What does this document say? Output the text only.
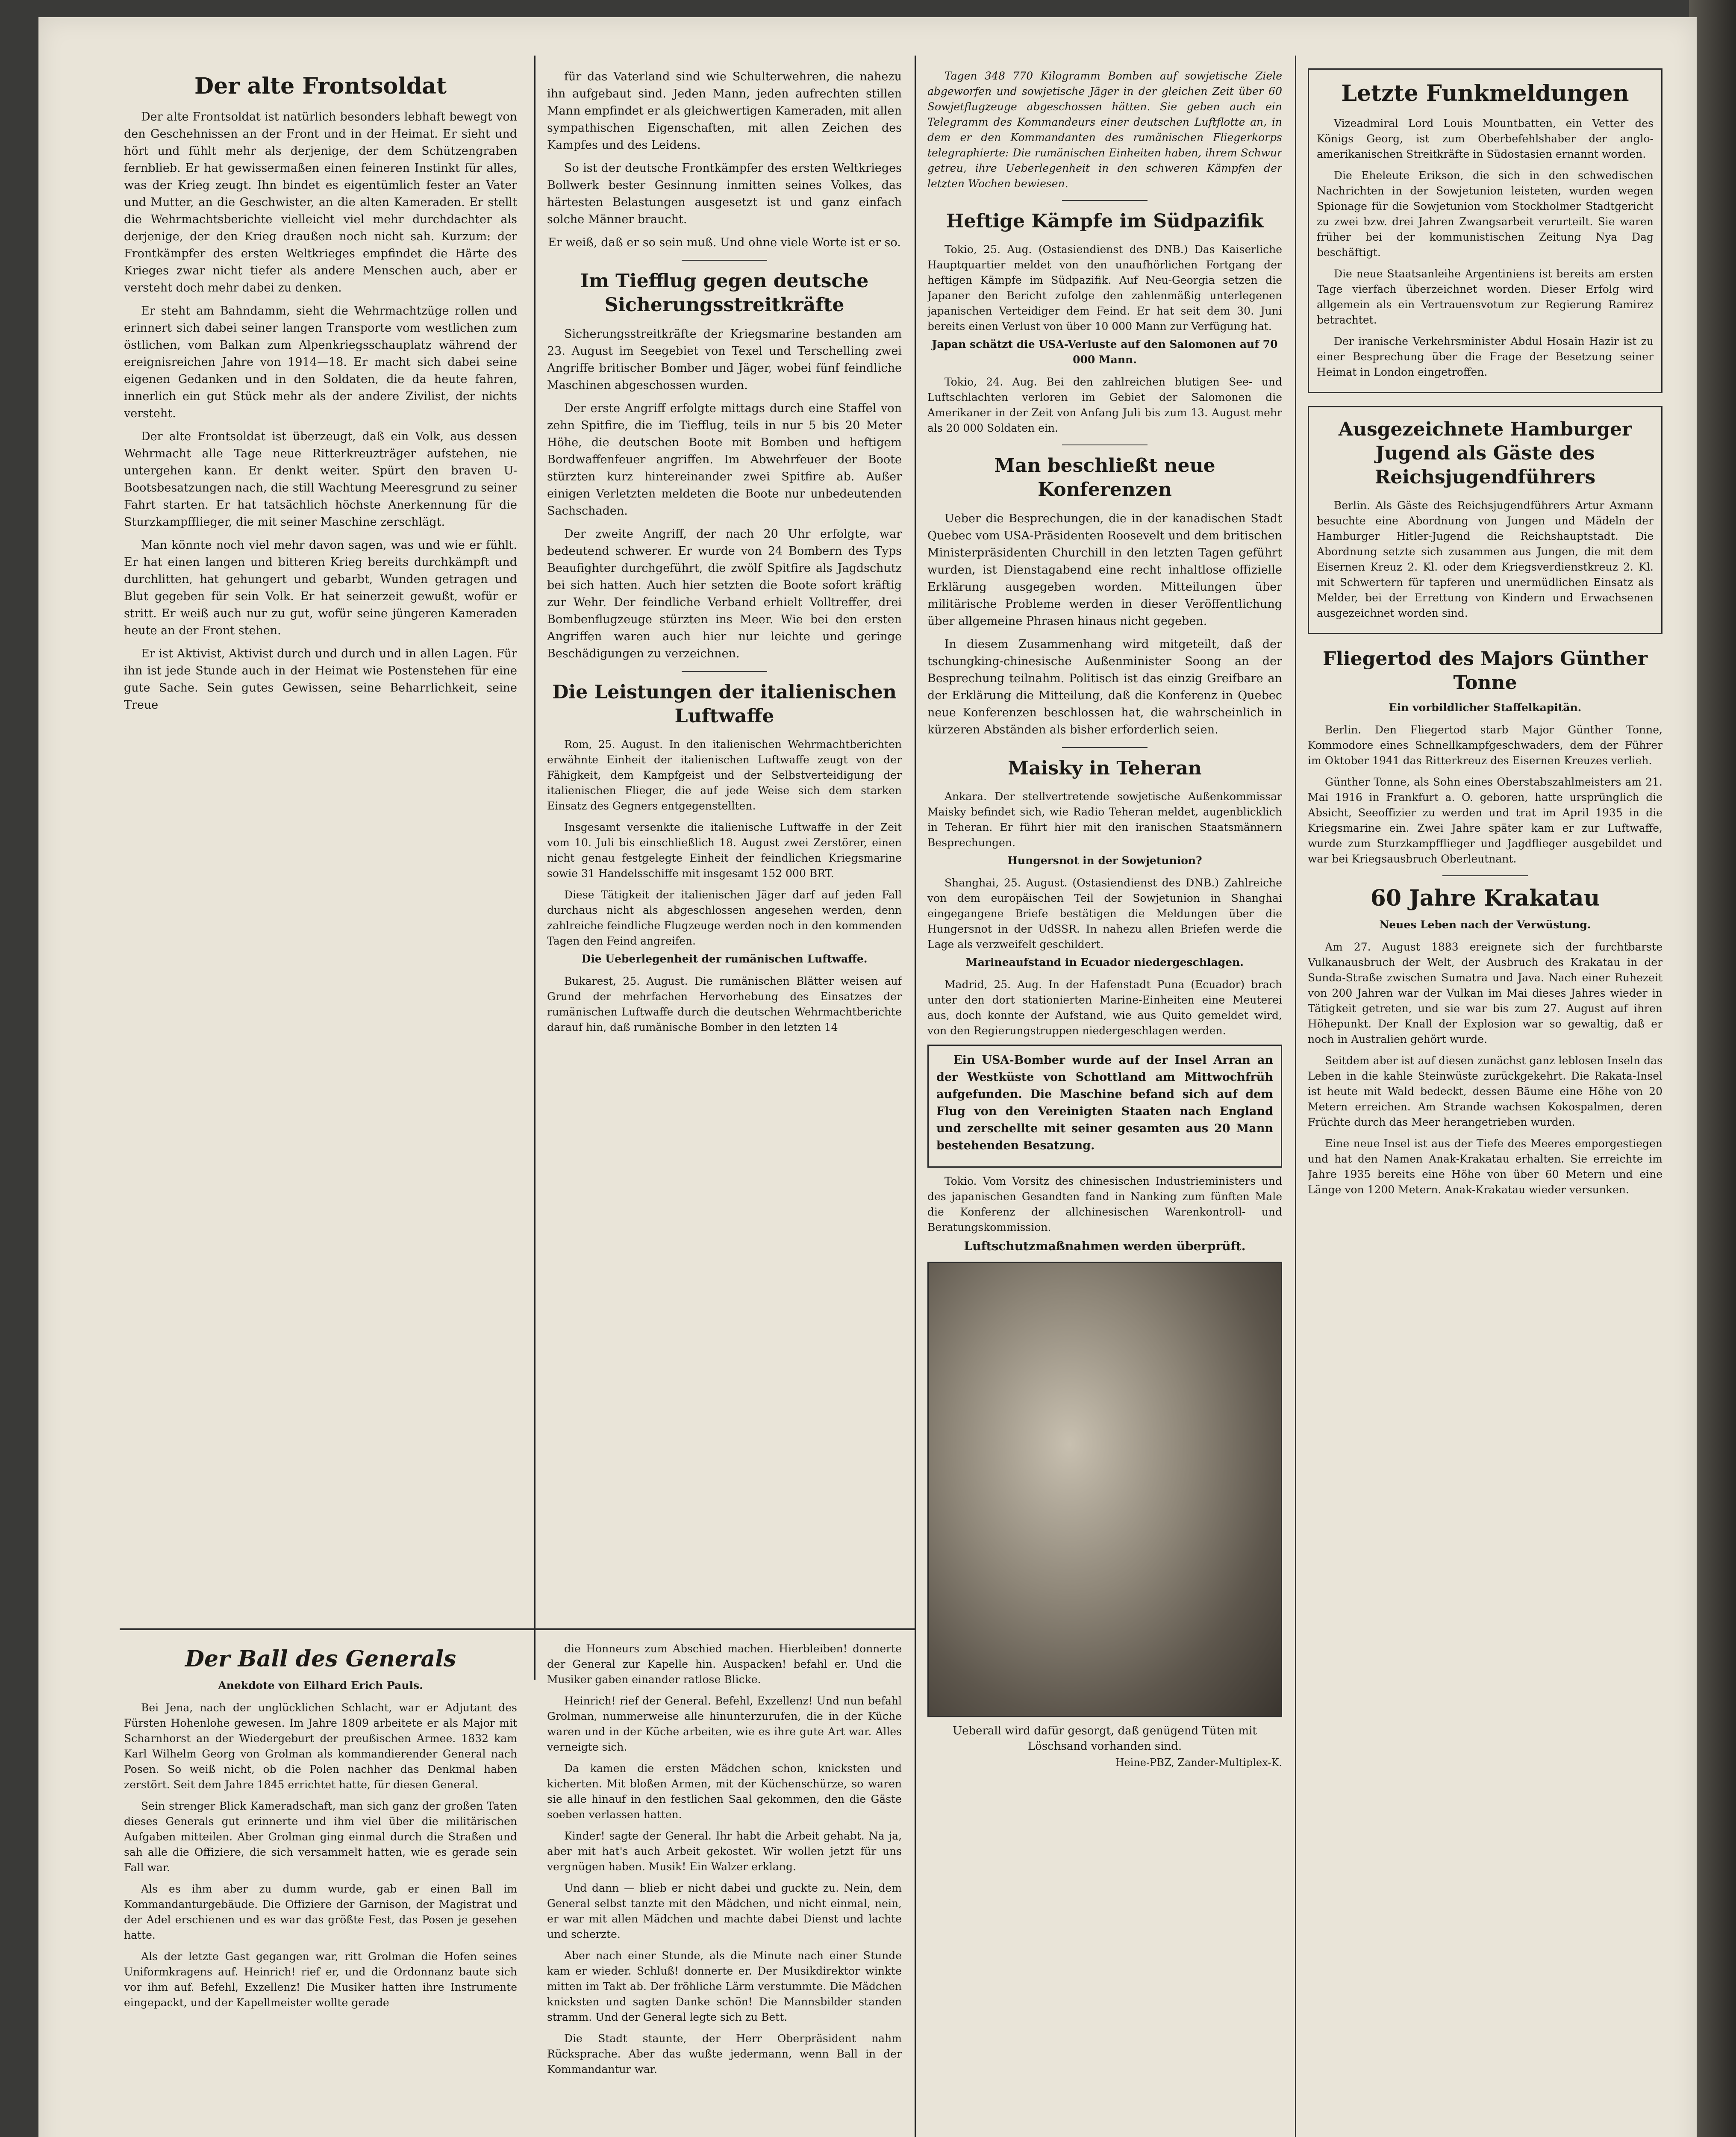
Der alte Frontsoldat

Der alte Frontsoldat ist natürlich besonders lebhaft bewegt von den Geschehnissen an der Front und in der Heimat. Er sieht und hört und fühlt mehr als derjenige, der dem Schützengraben fernblieb. Er hat gewissermaßen einen feineren Instinkt für alles, was der Krieg zeugt. Ihn bindet es eigentümlich fester an Vater und Mutter, an die Geschwister, an die alten Kameraden. Er stellt die Wehrmachtsberichte vielleicht viel mehr durchdachter als derjenige, der den Krieg draußen noch nicht sah. Kurzum: der Frontkämpfer des ersten Weltkrieges empfindet die Härte des Krieges zwar nicht tiefer als andere Menschen auch, aber er versteht doch mehr dabei zu denken.

Er steht am Bahndamm, sieht die Wehrmachtzüge rollen und erinnert sich dabei seiner langen Transporte vom westlichen zum östlichen, vom Balkan zum Alpenkriegsschauplatz während der ereignisreichen Jahre von 1914—18. Er macht sich dabei seine eigenen Gedanken und in den Soldaten, die da heute fahren, innerlich ein gut Stück mehr als der andere Zivilist, der nichts versteht.

Der alte Frontsoldat ist überzeugt, daß ein Volk, aus dessen Wehrmacht alle Tage neue Ritterkreuzträger aufstehen, nie untergehen kann. Er denkt weiter. Spürt den braven U-Bootsbesatzungen nach, die still Wachtung Meeresgrund zu seiner Fahrt starten. Er hat tatsächlich höchste Anerkennung für die Sturzkampfflieger, die mit seiner Maschine zerschlägt.

Man könnte noch viel mehr davon sagen, was und wie er fühlt. Er hat einen langen und bitteren Krieg bereits durchkämpft und durchlitten, hat gehungert und gebarbt, Wunden getragen und Blut gegeben für sein Volk. Er hat seinerzeit gewußt, wofür er stritt. Er weiß auch nur zu gut, wofür seine jüngeren Kameraden heute an der Front stehen.

Er ist Aktivist, Aktivist durch und durch und in allen Lagen. Für ihn ist jede Stunde auch in der Heimat wie Postenstehen für eine gute Sache. Sein gutes Gewissen, seine Beharrlichkeit, seine Treue

für das Vaterland sind wie Schulterwehren, die nahezu ihn aufgebaut sind. Jeden Mann, jeden aufrechten stillen Mann empfindet er als gleichwertigen Kameraden, mit allen sympathischen Eigenschaften, mit allen Zeichen des Kampfes und des Leidens.

So ist der deutsche Frontkämpfer des ersten Weltkrieges Bollwerk bester Gesinnung inmitten seines Volkes, das härtesten Belastungen ausgesetzt ist und ganz einfach solche Männer braucht.

Er weiß, daß er so sein muß. Und ohne viele Worte ist er so.

Im Tiefflug gegen deutsche Sicherungsstreitkräfte

Sicherungsstreitkräfte der Kriegsmarine bestanden am 23. August im Seegebiet von Texel und Terschelling zwei Angriffe britischer Bomber und Jäger, wobei fünf feindliche Maschinen abgeschossen wurden.

Der erste Angriff erfolgte mittags durch eine Staffel von zehn Spitfire, die im Tiefflug, teils in nur 5 bis 20 Meter Höhe, die deutschen Boote mit Bomben und heftigem Bordwaffenfeuer angriffen. Im Abwehrfeuer der Boote stürzten kurz hintereinander zwei Spitfire ab. Außer einigen Verletzten meldeten die Boote nur unbedeutenden Sachschaden.

Der zweite Angriff, der nach 20 Uhr erfolgte, war bedeutend schwerer. Er wurde von 24 Bombern des Typs Beaufighter durchgeführt, die zwölf Spitfire als Jagdschutz bei sich hatten. Auch hier setzten die Boote sofort kräftig zur Wehr. Der feindliche Verband erhielt Volltreffer, drei Bombenflugzeuge stürzten ins Meer. Wie bei den ersten Angriffen waren auch hier nur leichte und geringe Beschädigungen zu verzeichnen.

Die Leistungen der italienischen Luftwaffe

Rom, 25. August. In den italienischen Wehrmachtberichten erwähnte Einheit der italienischen Luftwaffe zeugt von der Fähigkeit, dem Kampfgeist und der Selbstverteidigung der italienischen Flieger, die auf jede Weise sich dem starken Einsatz des Gegners entgegenstellten.

Insgesamt versenkte die italienische Luftwaffe in der Zeit vom 10. Juli bis einschließlich 18. August zwei Zerstörer, einen nicht genau festgelegte Einheit der feindlichen Kriegsmarine sowie 31 Handelsschiffe mit insgesamt 152 000 BRT.

Diese Tätigkeit der italienischen Jäger darf auf jeden Fall durchaus nicht als abgeschlossen angesehen werden, denn zahlreiche feindliche Flugzeuge werden noch in den kommenden Tagen den Feind angreifen.

Die Ueberlegenheit der rumänischen Luftwaffe.

Bukarest, 25. August. Die rumänischen Blätter weisen auf Grund der mehrfachen Hervorhebung des Einsatzes der rumänischen Luftwaffe durch die deutschen Wehrmachtberichte darauf hin, daß rumänische Bomber in den letzten 14

Tagen 348 770 Kilogramm Bomben auf sowjetische Ziele abgeworfen und sowjetische Jäger in der gleichen Zeit über 60 Sowjetflugzeuge abgeschossen hätten. Sie geben auch ein Telegramm des Kommandeurs einer deutschen Luftflotte an, in dem er den Kommandanten des rumänischen Fliegerkorps telegraphierte: Die rumänischen Einheiten haben, ihrem Schwur getreu, ihre Ueberlegenheit in den schweren Kämpfen der letzten Wochen bewiesen.

Heftige Kämpfe im Südpazifik

Tokio, 25. Aug. (Ostasiendienst des DNB.) Das Kaiserliche Hauptquartier meldet von den unaufhörlichen Fortgang der heftigen Kämpfe im Südpazifik. Auf Neu-Georgia setzen die Japaner den Bericht zufolge den zahlenmäßig unterlegenen japanischen Verteidiger dem Feind. Er hat seit dem 30. Juni bereits einen Verlust von über 10 000 Mann zur Verfügung hat.

Japan schätzt die USA-Verluste auf den Salomonen auf 70 000 Mann.

Tokio, 24. Aug. Bei den zahlreichen blutigen See- und Luftschlachten verloren im Gebiet der Salomonen die Amerikaner in der Zeit von Anfang Juli bis zum 13. August mehr als 20 000 Soldaten ein.

Man beschließt neue Konferenzen

Ueber die Besprechungen, die in der kanadischen Stadt Quebec vom USA-Präsidenten Roosevelt und dem britischen Ministerpräsidenten Churchill in den letzten Tagen geführt wurden, ist Dienstagabend eine recht inhaltlose offizielle Erklärung ausgegeben worden. Mitteilungen über militärische Probleme werden in dieser Veröffentlichung über allgemeine Phrasen hinaus nicht gegeben.

In diesem Zusammenhang wird mitgeteilt, daß der tschungking-chinesische Außenminister Soong an der Besprechung teilnahm. Politisch ist das einzig Greifbare an der Erklärung die Mitteilung, daß die Konferenz in Quebec neue Konferenzen beschlossen hat, die wahrscheinlich in kürzeren Abständen als bisher erforderlich seien.

Maisky in Teheran

Ankara. Der stellvertretende sowjetische Außenkommissar Maisky befindet sich, wie Radio Teheran meldet, augenblicklich in Teheran. Er führt hier mit den iranischen Staatsmännern Besprechungen.

Hungersnot in der Sowjetunion?

Shanghai, 25. August. (Ostasiendienst des DNB.) Zahlreiche von dem europäischen Teil der Sowjetunion in Shanghai eingegangene Briefe bestätigen die Meldungen über die Hungersnot in der UdSSR. In nahezu allen Briefen werde die Lage als verzweifelt geschildert.

Marineaufstand in Ecuador niedergeschlagen.

Madrid, 25. Aug. In der Hafenstadt Puna (Ecuador) brach unter den dort stationierten Marine-Einheiten eine Meuterei aus, doch konnte der Aufstand, wie aus Quito gemeldet wird, von den Regierungstruppen niedergeschlagen werden.

Ein USA-Bomber wurde auf der Insel Arran an der Westküste von Schottland am Mittwochfrüh aufgefunden. Die Maschine befand sich auf dem Flug von den Vereinigten Staaten nach England und zerschellte mit seiner gesamten aus 20 Mann bestehenden Besatzung.

Tokio. Vom Vorsitz des chinesischen Industrieministers und des japanischen Gesandten fand in Nanking zum fünften Male die Konferenz der allchinesischen Warenkontroll- und Beratungskommission.

Luftschutzmaßnahmen werden überprüft.
Ueberall wird dafür gesorgt, daß genügend Tüten mit Löschsand vorhanden sind.
Heine-PBZ, Zander-Multiplex-K.
Letzte Funkmeldungen

Vizeadmiral Lord Louis Mountbatten, ein Vetter des Königs Georg, ist zum Oberbefehlshaber der anglo-amerikanischen Streitkräfte in Südostasien ernannt worden.

Die Eheleute Erikson, die sich in den schwedischen Nachrichten in der Sowjetunion leisteten, wurden wegen Spionage für die Sowjetunion vom Stockholmer Stadtgericht zu zwei bzw. drei Jahren Zwangsarbeit verurteilt. Sie waren früher bei der kommunistischen Zeitung Nya Dag beschäftigt.

Die neue Staatsanleihe Argentiniens ist bereits am ersten Tage vierfach überzeichnet worden. Dieser Erfolg wird allgemein als ein Vertrauensvotum zur Regierung Ramirez betrachtet.

Der iranische Verkehrsminister Abdul Hosain Hazir ist zu einer Besprechung über die Frage der Besetzung seiner Heimat in London eingetroffen.

Ausgezeichnete Hamburger Jugend als Gäste des Reichsjugendführers

Berlin. Als Gäste des Reichsjugendführers Artur Axmann besuchte eine Abordnung von Jungen und Mädeln der Hamburger Hitler-Jugend die Reichshauptstadt. Die Abordnung setzte sich zusammen aus Jungen, die mit dem Eisernen Kreuz 2. Kl. oder dem Kriegsverdienstkreuz 2. Kl. mit Schwertern für tapferen und unermüdlichen Einsatz als Melder, bei der Errettung von Kindern und Erwachsenen ausgezeichnet worden sind.

Fliegertod des Majors Günther Tonne
Ein vorbildlicher Staffelkapitän.

Berlin. Den Fliegertod starb Major Günther Tonne, Kommodore eines Schnellkampfgeschwaders, dem der Führer im Oktober 1941 das Ritterkreuz des Eisernen Kreuzes verlieh.

Günther Tonne, als Sohn eines Oberstabszahlmeisters am 21. Mai 1916 in Frankfurt a. O. geboren, hatte ursprünglich die Absicht, Seeoffizier zu werden und trat im April 1935 in die Kriegsmarine ein. Zwei Jahre später kam er zur Luftwaffe, wurde zum Sturzkampfflieger und Jagdflieger ausgebildet und war bei Kriegsausbruch Oberleutnant.

60 Jahre Krakatau
Neues Leben nach der Verwüstung.

Am 27. August 1883 ereignete sich der furchtbarste Vulkanausbruch der Welt, der Ausbruch des Krakatau in der Sunda-Straße zwischen Sumatra und Java. Nach einer Ruhezeit von 200 Jahren war der Vulkan im Mai dieses Jahres wieder in Tätigkeit getreten, und sie war bis zum 27. August auf ihren Höhepunkt. Der Knall der Explosion war so gewaltig, daß er noch in Australien gehört wurde.

Seitdem aber ist auf diesen zunächst ganz leblosen Inseln das Leben in die kahle Steinwüste zurückgekehrt. Die Rakata-Insel ist heute mit Wald bedeckt, dessen Bäume eine Höhe von 20 Metern erreichen. Am Strande wachsen Kokospalmen, deren Früchte durch das Meer herangetrieben wurden.

Eine neue Insel ist aus der Tiefe des Meeres emporgestiegen und hat den Namen Anak-Krakatau erhalten. Sie erreichte im Jahre 1935 bereits eine Höhe von über 60 Metern und eine Länge von 1200 Metern. Anak-Krakatau wieder versunken.

Der Ball des Generals
Anekdote von Eilhard Erich Pauls.

Bei Jena, nach der unglücklichen Schlacht, war er Adjutant des Fürsten Hohenlohe gewesen. Im Jahre 1809 arbeitete er als Major mit Scharnhorst an der Wiedergeburt der preußischen Armee. 1832 kam Karl Wilhelm Georg von Grolman als kommandierender General nach Posen. So weiß nicht, ob die Polen nachher das Denkmal haben zerstört. Seit dem Jahre 1845 errichtet hatte, für diesen General.

Sein strenger Blick Kameradschaft, man sich ganz der großen Taten dieses Generals gut erinnerte und ihm viel über die militärischen Aufgaben mitteilen. Aber Grolman ging einmal durch die Straßen und sah alle die Offiziere, die sich versammelt hatten, wie es gerade sein Fall war.

Als es ihm aber zu dumm wurde, gab er einen Ball im Kommandanturgebäude. Die Offiziere der Garnison, der Magistrat und der Adel erschienen und es war das größte Fest, das Posen je gesehen hatte.

Als der letzte Gast gegangen war, ritt Grolman die Hofen seines Uniformkragens auf. Heinrich! rief er, und die Ordonnanz baute sich vor ihm auf. Befehl, Exzellenz! Die Musiker hatten ihre Instrumente eingepackt, und der Kapellmeister wollte gerade

die Honneurs zum Abschied machen. Hierbleiben! donnerte der General zur Kapelle hin. Auspacken! befahl er. Und die Musiker gaben einander ratlose Blicke.

Heinrich! rief der General. Befehl, Exzellenz! Und nun befahl Grolman, nummerweise alle hinunterzurufen, die in der Küche waren und in der Küche arbeiten, wie es ihre gute Art war. Alles verneigte sich.

Da kamen die ersten Mädchen schon, knicksten und kicherten. Mit bloßen Armen, mit der Küchenschürze, so waren sie alle hinauf in den festlichen Saal gekommen, den die Gäste soeben verlassen hatten.

Kinder! sagte der General. Ihr habt die Arbeit gehabt. Na ja, aber mit hat's auch Arbeit gekostet. Wir wollen jetzt für uns vergnügen haben. Musik! Ein Walzer erklang.

Und dann — blieb er nicht dabei und guckte zu. Nein, dem General selbst tanzte mit den Mädchen, und nicht einmal, nein, er war mit allen Mädchen und machte dabei Dienst und lachte und scherzte.

Aber nach einer Stunde, als die Minute nach einer Stunde kam er wieder. Schluß! donnerte er. Der Musikdirektor winkte mitten im Takt ab. Der fröhliche Lärm verstummte. Die Mädchen knicksten und sagten Danke schön! Die Mannsbilder standen stramm. Und der General legte sich zu Bett.

Die Stadt staunte, der Herr Oberpräsident nahm Rücksprache. Aber das wußte jedermann, wenn Ball in der Kommandantur war.
